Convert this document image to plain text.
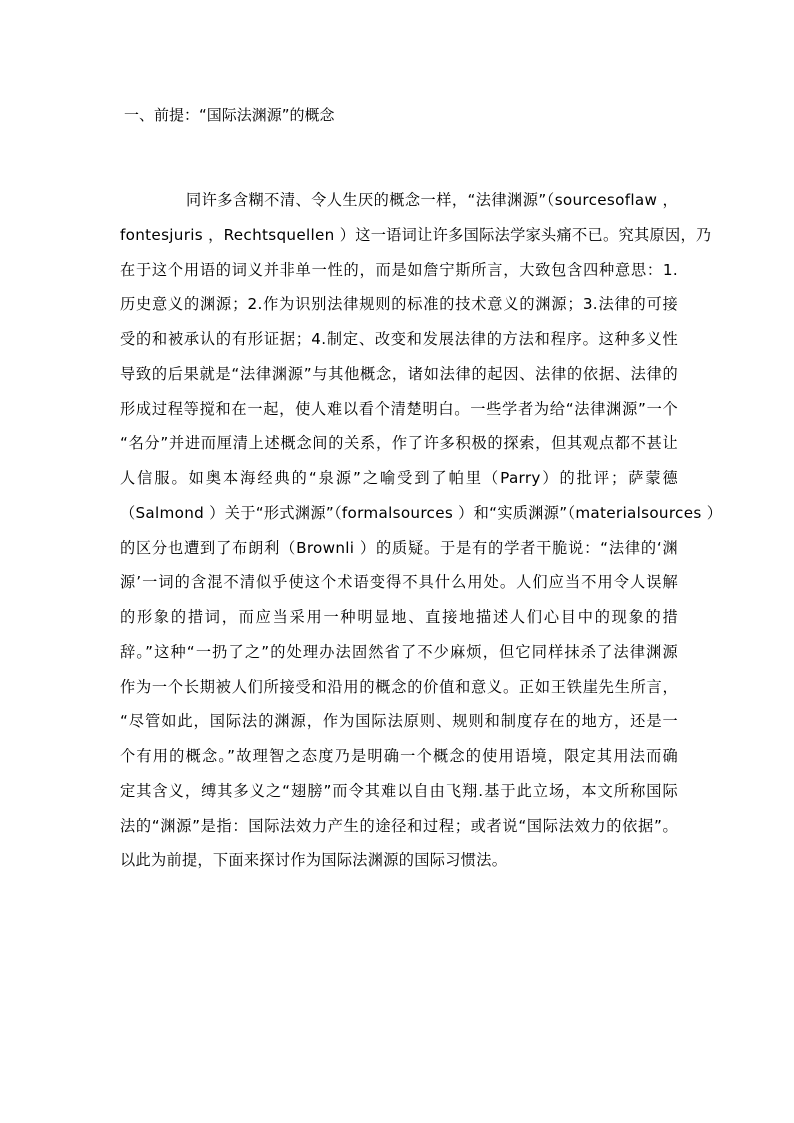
一、前提：“国际法渊源”的概念
同许多含糊不清、令人生厌的概念一样，“法律渊源”（sourcesoflaw ，
fontesjuris ，Rechtsquellen ）这一语词让许多国际法学家头痛不已。究其原因，乃
在于这个用语的词义并非单一性的，而是如詹宁斯所言，大致包含四种意思：1.
历史意义的渊源；2.作为识别法律规则的标准的技术意义的渊源；3.法律的可接
受的和被承认的有形证据；4.制定、改变和发展法律的方法和程序。这种多义性
导致的后果就是“法律渊源”与其他概念，诸如法律的起因、法律的依据、法律的
形成过程等搅和在一起，使人难以看个清楚明白。一些学者为给“法律渊源”一个
“名分”并进而厘清上述概念间的关系，作了许多积极的探索，但其观点都不甚让
人信服。如奥本海经典的“泉源”之喻受到了帕里（Parry）的批评；萨蒙德
（Salmond ）关于“形式渊源”（formalsources ）和“实质渊源”（materialsources ）
的区分也遭到了布朗利（Brownli ）的质疑。于是有的学者干脆说：“法律的‘渊
源’一词的含混不清似乎使这个术语变得不具什么用处。人们应当不用令人误解
的形象的措词，而应当采用一种明显地、直接地描述人们心目中的现象的措
辞。”这种“一扔了之”的处理办法固然省了不少麻烦，但它同样抹杀了法律渊源
作为一个长期被人们所接受和沿用的概念的价值和意义。正如王铁崖先生所言，
“尽管如此，国际法的渊源，作为国际法原则、规则和制度存在的地方，还是一
个有用的概念。”故理智之态度乃是明确一个概念的使用语境，限定其用法而确
定其含义，缚其多义之“翅膀”而令其难以自由飞翔.基于此立场，本文所称国际
法的“渊源”是指：国际法效力产生的途径和过程；或者说“国际法效力的依据”。
以此为前提，下面来探讨作为国际法渊源的国际习惯法。
